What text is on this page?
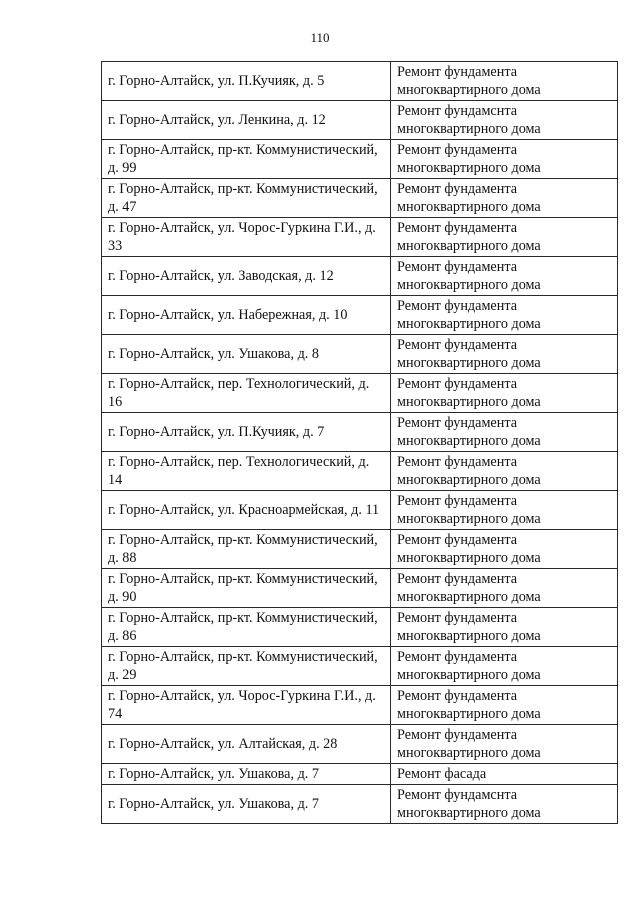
110
г. Горно-Алтайск, ул. П.Кучияк, д. 5	Ремонт фундамента многоквартирного дома
г. Горно-Алтайск, ул. Ленкина, д. 12	Ремонт фундамснта многоквартирного дома
г. Горно-Алтайск, пр-кт. Коммунистический, д. 99	Ремонт фундамента многоквартирного дома
г. Горно-Алтайск, пр-кт. Коммунистический, д. 47	Ремонт фундамента многоквартирного дома
г. Горно-Алтайск, ул. Чорос-Гуркина Г.И., д. 33	Ремонт фундамента многоквартирного дома
г. Горно-Алтайск, ул. Заводская, д. 12	Ремонт фундамента многоквартирного дома
г. Горно-Алтайск, ул. Набережная, д. 10	Ремонт фундамента многоквартирного дома
г. Горно-Алтайск, ул. Ушакова, д. 8	Ремонт фундамента многоквартирного дома
г. Горно-Алтайск, пер. Технологический, д. 16	Ремонт фундамента многоквартирного дома
г. Горно-Алтайск, ул. П.Кучияк, д. 7	Ремонт фундамента многоквартирного дома
г. Горно-Алтайск, пер. Технологический, д. 14	Ремонт фундамента многоквартирного дома
г. Горно-Алтайск, ул. Красноармейская, д. 11	Ремонт фундамента многоквартирного дома
г. Горно-Алтайск, пр-кт. Коммунистический, д. 88	Ремонт фундамента многоквартирного дома
г. Горно-Алтайск, пр-кт. Коммунистический, д. 90	Ремонт фундамента многоквартирного дома
г. Горно-Алтайск, пр-кт. Коммунистический, д. 86	Ремонт фундамента многоквартирного дома
г. Горно-Алтайск, пр-кт. Коммунистический, д. 29	Ремонт фундамента многоквартирного дома
г. Горно-Алтайск, ул. Чорос-Гуркина Г.И., д. 74	Ремонт фундамента многоквартирного дома
г. Горно-Алтайск, ул. Алтайская, д. 28	Ремонт фундамента многоквартирного дома
г. Горно-Алтайск, ул. Ушакова, д. 7	Ремонт фасада
г. Горно-Алтайск, ул. Ушакова, д. 7	Ремонт фундамснта многоквартирного дома
